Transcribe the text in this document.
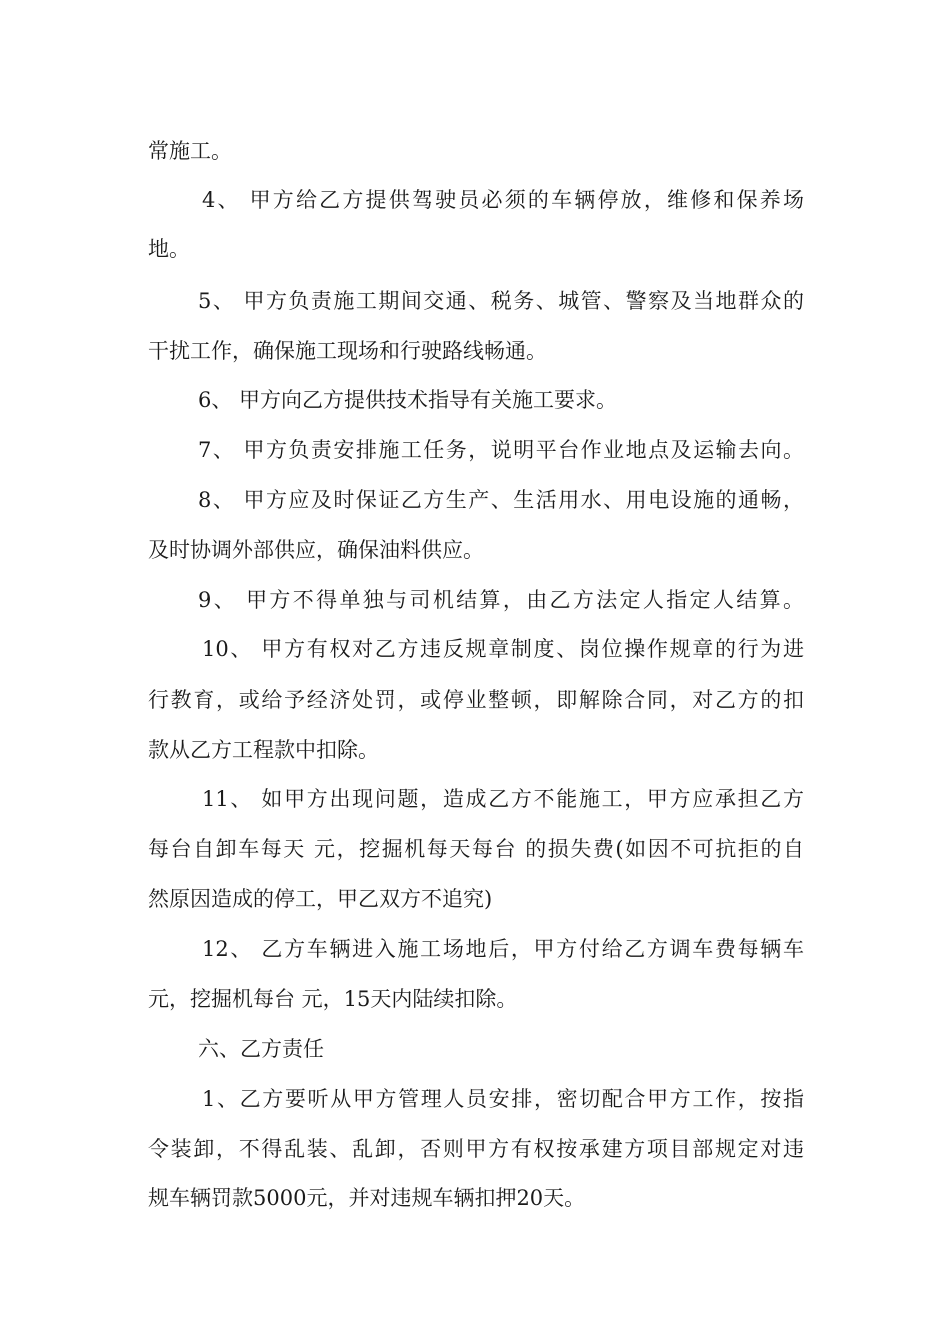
常施工。
4、 甲方给乙方提供驾驶员必须的车辆停放，维修和保养场
地。
5、 甲方负责施工期间交通、税务、城管、警察及当地群众的
干扰工作，确保施工现场和行驶路线畅通。
6、 甲方向乙方提供技术指导有关施工要求。
7、 甲方负责安排施工任务，说明平台作业地点及运输去向。
8、 甲方应及时保证乙方生产、生活用水、用电设施的通畅，
及时协调外部供应，确保油料供应。
9、 甲方不得单独与司机结算，由乙方法定人指定人结算。
10、 甲方有权对乙方违反规章制度、岗位操作规章的行为进
行教育，或给予经济处罚，或停业整顿，即解除合同，对乙方的扣
款从乙方工程款中扣除。
11、 如甲方出现问题，造成乙方不能施工，甲方应承担乙方
每台自卸车每天 元，挖掘机每天每台 的损失费(如因不可抗拒的自
然原因造成的停工，甲乙双方不追究)
12、 乙方车辆进入施工场地后，甲方付给乙方调车费每辆车
元，挖掘机每台 元，15天内陆续扣除。
六、乙方责任
1、乙方要听从甲方管理人员安排，密切配合甲方工作，按指
令装卸，不得乱装、乱卸，否则甲方有权按承建方项目部规定对违
规车辆罚款5000元，并对违规车辆扣押20天。
